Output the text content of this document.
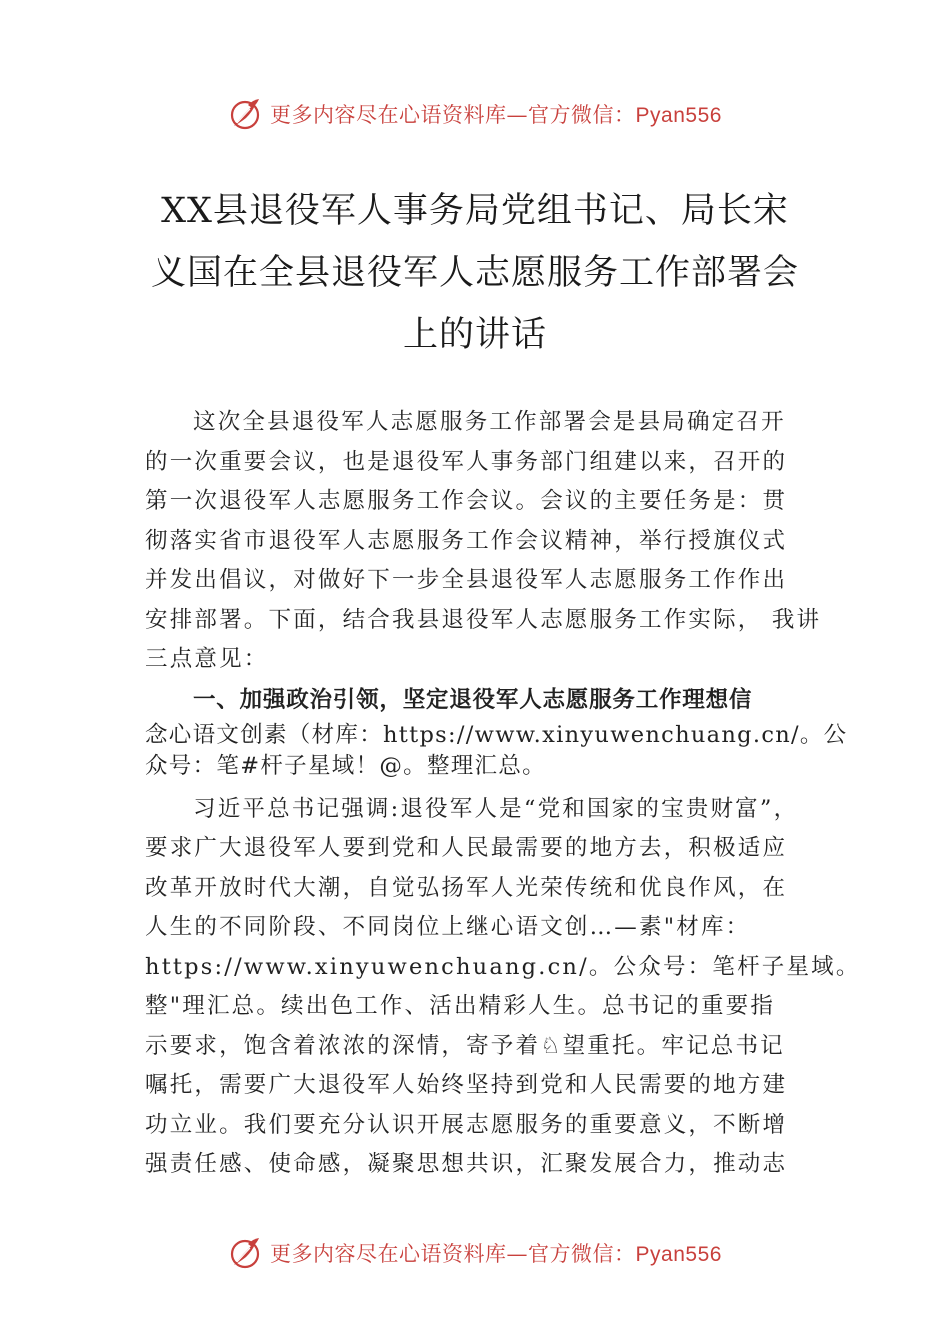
更多内容尽在心语资料库—官方微信：Pyan556
XX县退役军人事务局党组书记、局长宋
义国在全县退役军人志愿服务工作部署会
上的讲话
这次全县退役军人志愿服务工作部署会是县局确定召开
的一次重要会议，也是退役军人事务部门组建以来，召开的
第一次退役军人志愿服务工作会议。会议的主要任务是：贯
彻落实省市退役军人志愿服务工作会议精神，举行授旗仪式
并发出倡议，对做好下一步全县退役军人志愿服务工作作出
安排部署。下面，结合我县退役军人志愿服务工作实际， 我讲
三点意见：
一、加强政治引领，坚定退役军人志愿服务工作理想信
念心语文创素（材库：https://www.xinyuwenchuang.cn/。公
众号：笔#杆子星域！@。整理汇总。
习近平总书记强调:退役军人是“党和国家的宝贵财富”，
要求广大退役军人要到党和人民最需要的地方去，积极适应
改革开放时代大潮，自觉弘扬军人光荣传统和优良作风，在
人生的不同阶段、不同岗位上继心语文创…—素"材库：
https://www.xinyuwenchuang.cn/。公众号：笔杆子星域。
整"理汇总。续出色工作、活出精彩人生。总书记的重要指
示要求，饱含着浓浓的深情，寄予着♘望重托。牢记总书记
嘱托，需要广大退役军人始终坚持到党和人民需要的地方建
功立业。我们要充分认识开展志愿服务的重要意义，不断增
强责任感、使命感，凝聚思想共识，汇聚发展合力，推动志
更多内容尽在心语资料库—官方微信：Pyan556
